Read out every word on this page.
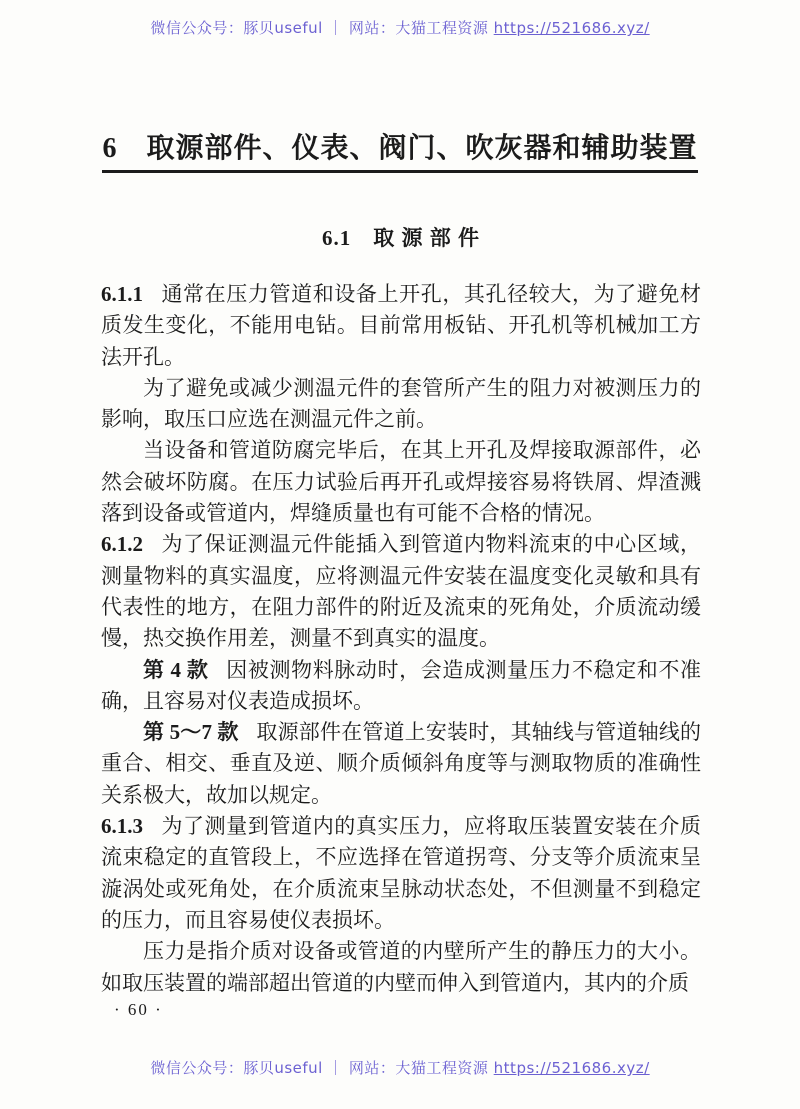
微信公众号：豚贝useful ｜ 网站：大猫工程资源 https://521686.xyz/
6　取源部件、仪表、阀门、吹灰器和辅助装置
6.1　取 源 部 件

6.1.1 通常在压力管道和设备上开孔，其孔径较大，为了避免材质发生变化，不能用电钻。目前常用板钻、开孔机等机械加工方法开孔。

为了避免或减少测温元件的套管所产生的阻力对被测压力的影响，取压口应选在测温元件之前。

当设备和管道防腐完毕后，在其上开孔及焊接取源部件，必然会破坏防腐。在压力试验后再开孔或焊接容易将铁屑、焊渣溅落到设备或管道内，焊缝质量也有可能不合格的情况。

6.1.2 为了保证测温元件能插入到管道内物料流束的中心区域，测量物料的真实温度，应将测温元件安装在温度变化灵敏和具有代表性的地方，在阻力部件的附近及流束的死角处，介质流动缓慢，热交换作用差，测量不到真实的温度。

第 4 款 因被测物料脉动时，会造成测量压力不稳定和不准确，且容易对仪表造成损坏。

第 5～7 款 取源部件在管道上安装时，其轴线与管道轴线的重合、相交、垂直及逆、顺介质倾斜角度等与测取物质的准确性关系极大，故加以规定。

6.1.3 为了测量到管道内的真实压力，应将取压装置安装在介质流束稳定的直管段上，不应选择在管道拐弯、分支等介质流束呈漩涡处或死角处，在介质流束呈脉动状态处，不但测量不到稳定的压力，而且容易使仪表损坏。

压力是指介质对设备或管道的内壁所产生的静压力的大小。如取压装置的端部超出管道的内壁而伸入到管道内，其内的介质

· 60 ·
微信公众号：豚贝useful ｜ 网站：大猫工程资源 https://521686.xyz/
